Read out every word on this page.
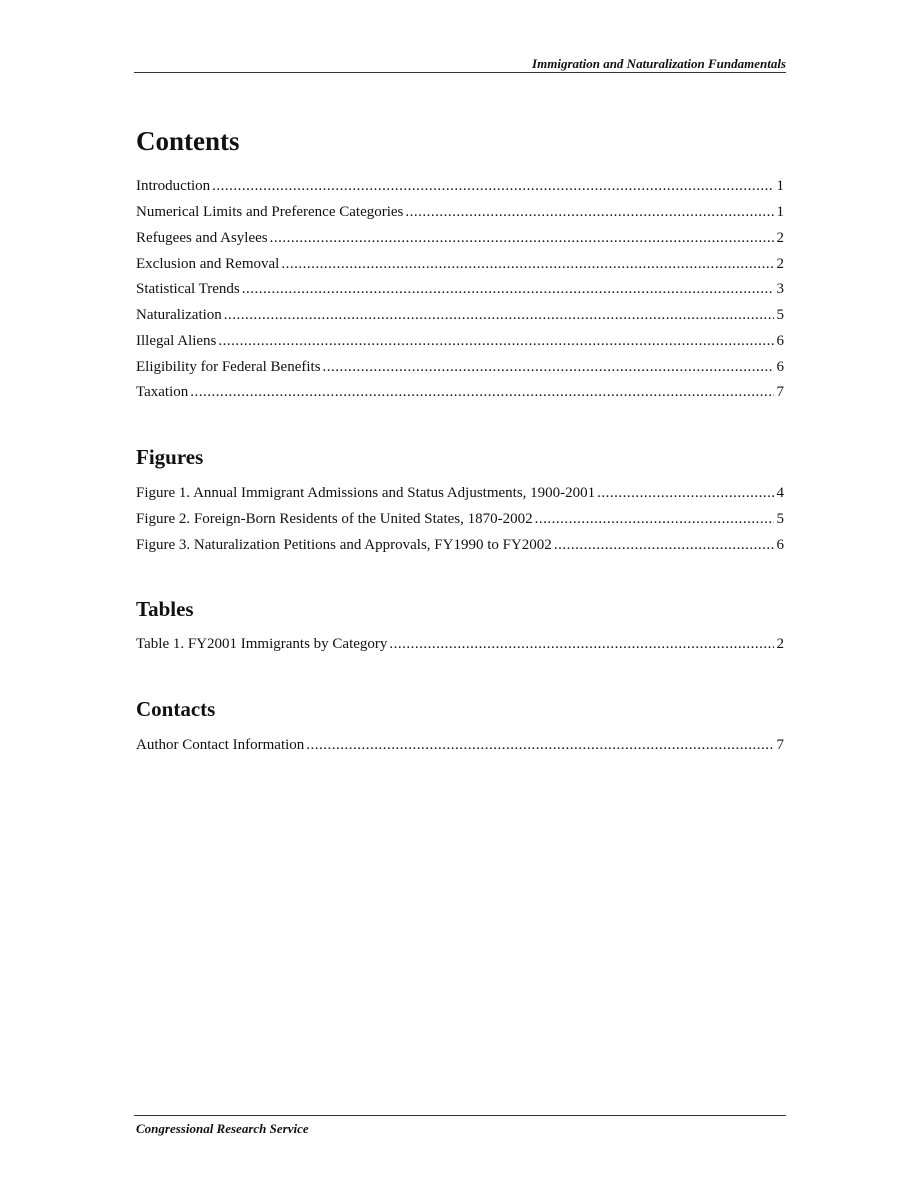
Immigration and Naturalization Fundamentals
Contents
Introduction .....	1
Numerical Limits and Preference Categories .....	1
Refugees and Asylees .....	2
Exclusion and Removal .....	2
Statistical Trends .....	3
Naturalization .....	5
Illegal Aliens .....	6
Eligibility for Federal Benefits .....	6
Taxation .....	7
Figures
Figure 1. Annual Immigrant Admissions and Status Adjustments, 1900-2001 .....	4
Figure 2. Foreign-Born Residents of the United States, 1870-2002 .....	5
Figure 3. Naturalization Petitions and Approvals, FY1990 to FY2002 .....	6
Tables
Table 1. FY2001 Immigrants by Category .....	2
Contacts
Author Contact Information .....	7
Congressional Research Service
